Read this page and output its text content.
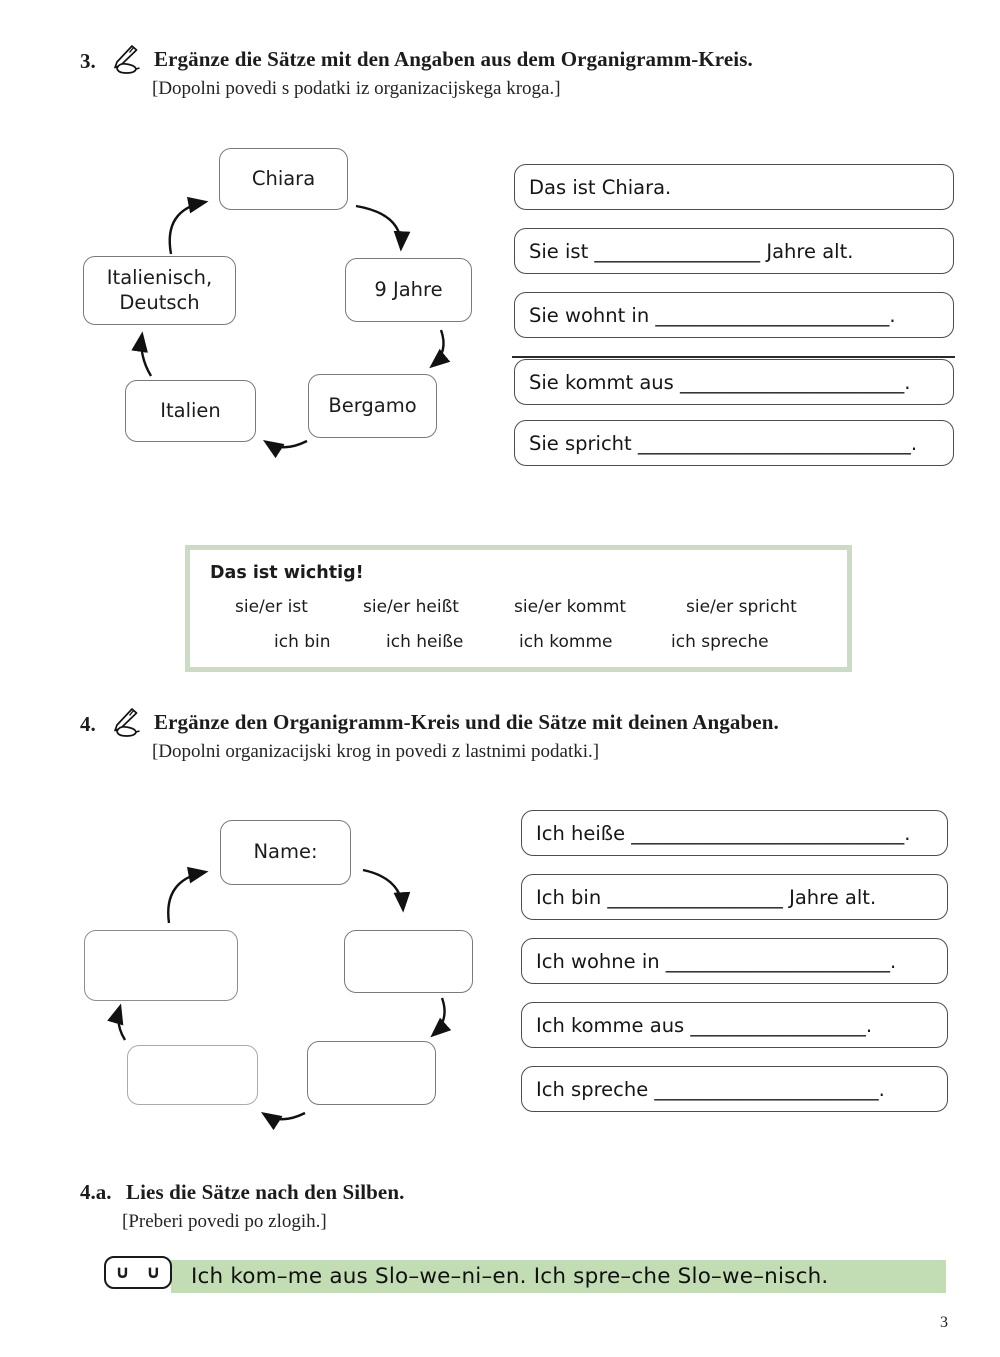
3.	Ergänze die Sätze mit den Angaben aus dem Organigramm-Kreis.
[Dopolni povedi s podatki iz organizacijskega kroga.]
Chiara
9 Jahre
Bergamo
Italien
Italienisch, Deutsch
Das ist Chiara.
Sie ist _________________ Jahre alt.
Sie wohnt in ________________________.
Sie kommt aus _______________________.
Sie spricht ____________________________.
Das ist wichtig!
sie/er ist	sie/er heißt	sie/er kommt	sie/er spricht
ich bin	ich heiße	ich komme	ich spreche
4.	Ergänze den Organigramm-Kreis und die Sätze mit deinen Angaben.
[Dopolni organizacijski krog in povedi z lastnimi podatki.]
Name:
Ich heiße ____________________________.
Ich bin __________________ Jahre alt.
Ich wohne in _______________________.
Ich komme aus __________________.
Ich spreche _______________________.
4.a. Lies die Sätze nach den Silben.
[Preberi povedi po zlogih.]
Ich kom–me aus Slo–we–ni–en. Ich spre–che Slo–we–nisch.
∪ ∪
3
